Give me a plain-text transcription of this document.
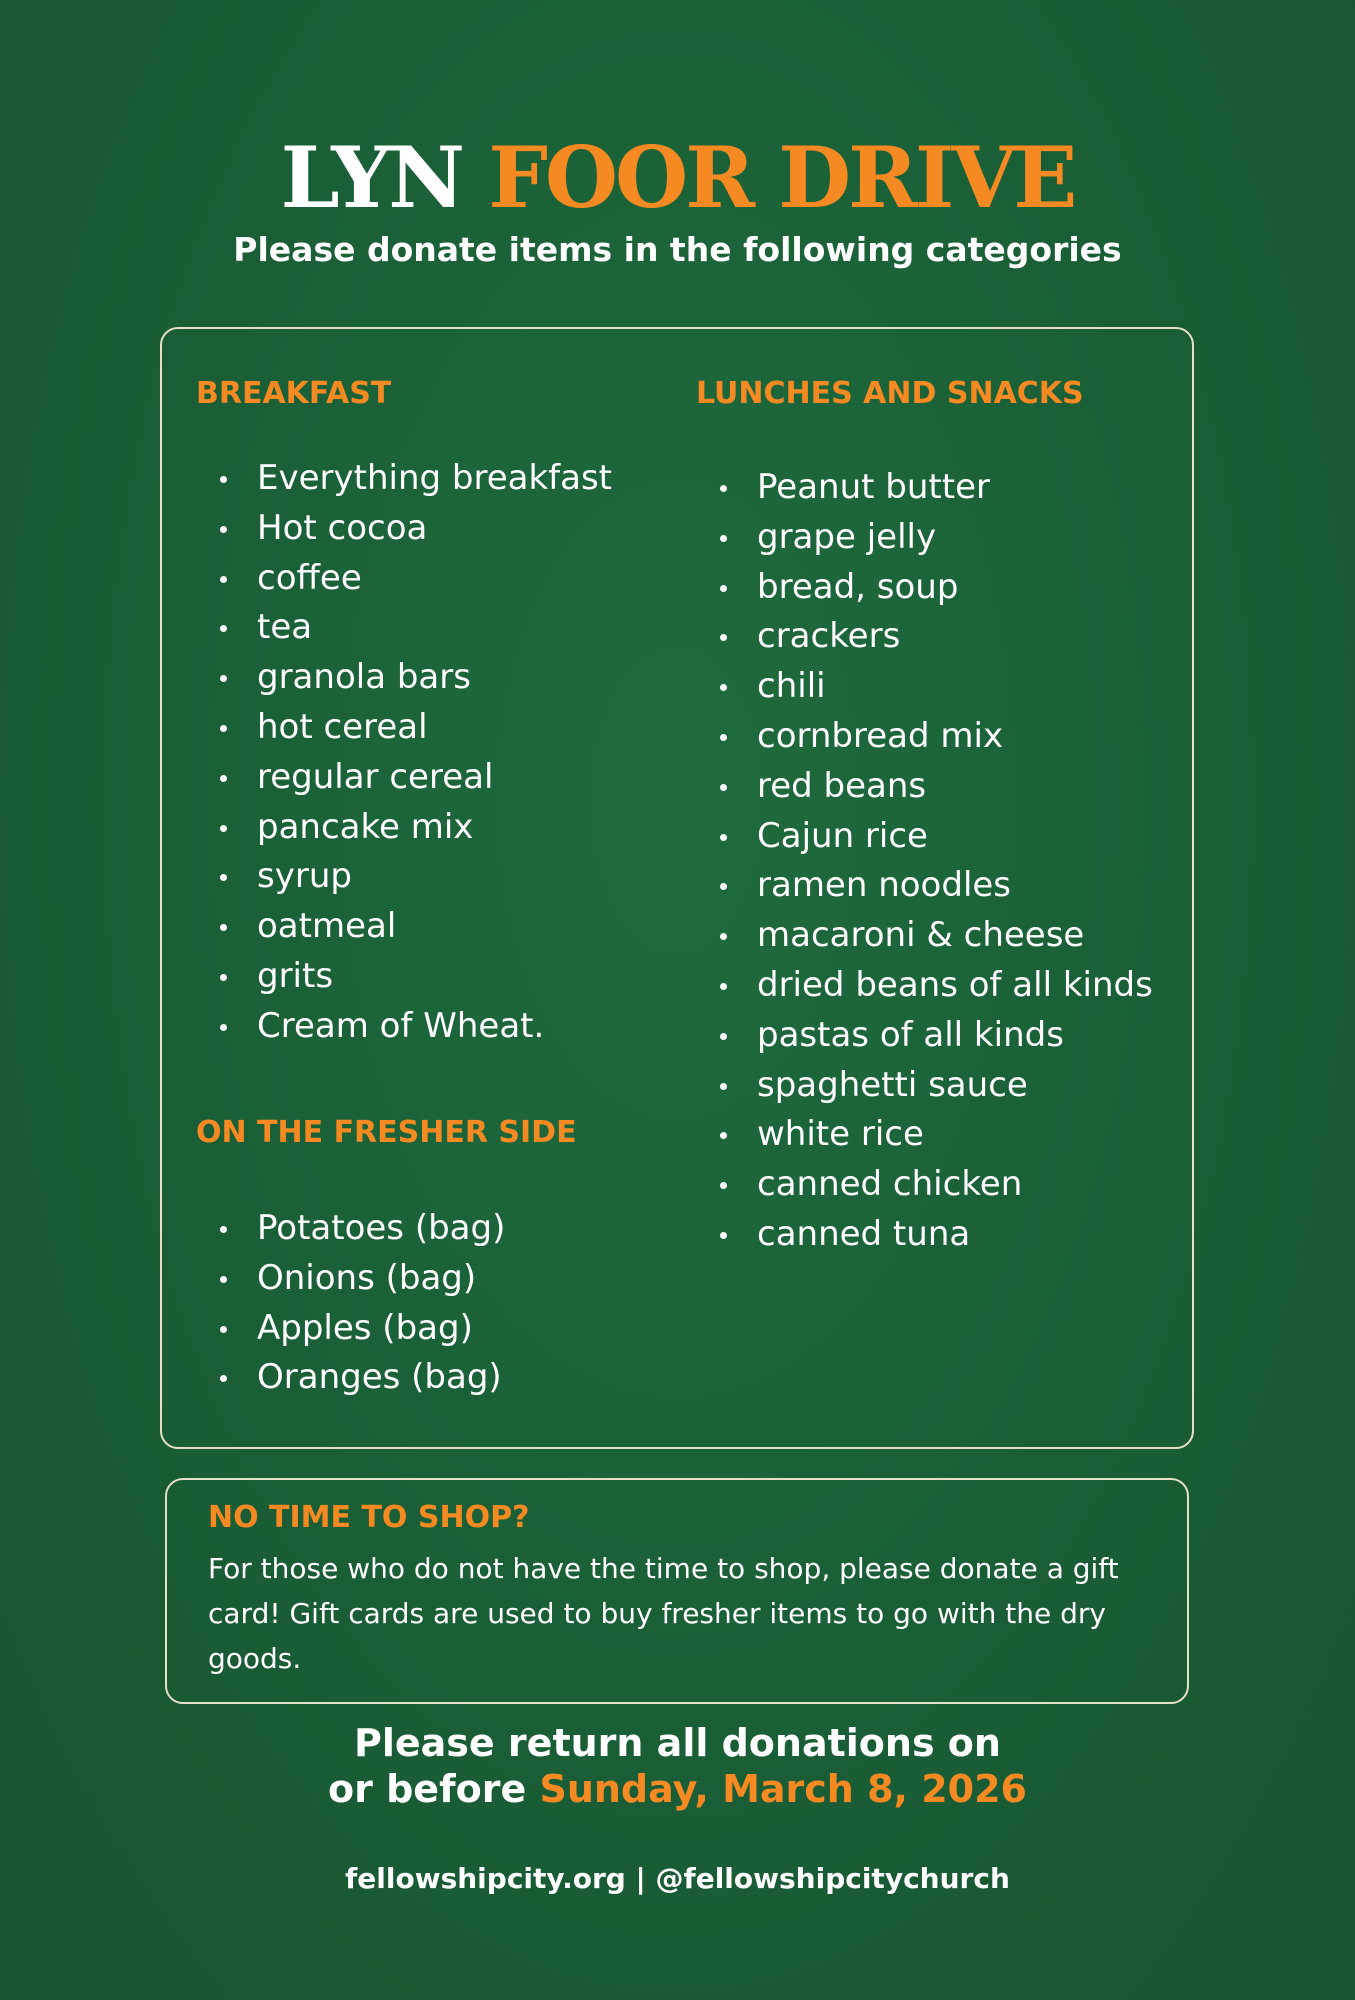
LYN FOOR DRIVE
Please donate items in the following categories
BREAKFAST
Everything breakfast
Hot cocoa
coffee
tea
granola bars
hot cereal
regular cereal
pancake mix
syrup
oatmeal
grits
Cream of Wheat.
ON THE FRESHER SIDE
Potatoes (bag)
Onions (bag)
Apples (bag)
Oranges (bag)
LUNCHES AND SNACKS
Peanut butter
grape jelly
bread, soup
crackers
chili
cornbread mix
red beans
Cajun rice
ramen noodles
macaroni & cheese
dried beans of all kinds
pastas of all kinds
spaghetti sauce
white rice
canned chicken
canned tuna
NO TIME TO SHOP?
For those who do not have the time to shop, please donate a gift card! Gift cards are used to buy fresher items to go with the dry goods.
Please return all donations on
or before Sunday, March 8, 2026
fellowshipcity.org | @fellowshipcitychurch
